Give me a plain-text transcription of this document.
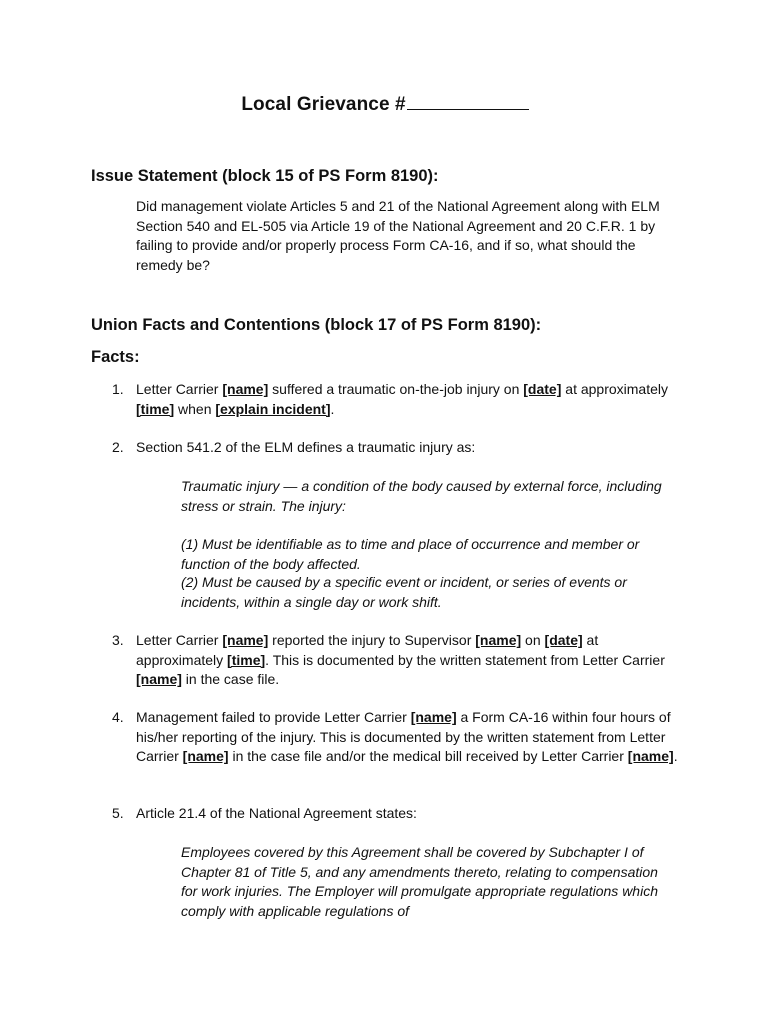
Local Grievance #
Issue Statement (block 15 of PS Form 8190):
Did management violate Articles 5 and 21 of the National Agreement along with ELM Section 540 and EL-505 via Article 19 of the National Agreement and 20 C.F.R. 1 by failing to provide and/or properly process Form CA-16, and if so, what should the remedy be?
Union Facts and Contentions (block 17 of PS Form 8190):
Facts:
1. Letter Carrier [name] suffered a traumatic on-the-job injury on [date] at approximately [time] when [explain incident].
2. Section 541.2 of the ELM defines a traumatic injury as:
Traumatic injury — a condition of the body caused by external force, including stress or strain. The injury:
(1) Must be identifiable as to time and place of occurrence and member or function of the body affected.
(2) Must be caused by a specific event or incident, or series of events or incidents, within a single day or work shift.
3. Letter Carrier [name] reported the injury to Supervisor [name] on [date] at approximately [time]. This is documented by the written statement from Letter Carrier [name] in the case file.
4. Management failed to provide Letter Carrier [name] a Form CA-16 within four hours of his/her reporting of the injury. This is documented by the written statement from Letter Carrier [name] in the case file and/or the medical bill received by Letter Carrier [name].
5. Article 21.4 of the National Agreement states:
Employees covered by this Agreement shall be covered by Subchapter I of Chapter 81 of Title 5, and any amendments thereto, relating to compensation for work injuries. The Employer will promulgate appropriate regulations which comply with applicable regulations of
